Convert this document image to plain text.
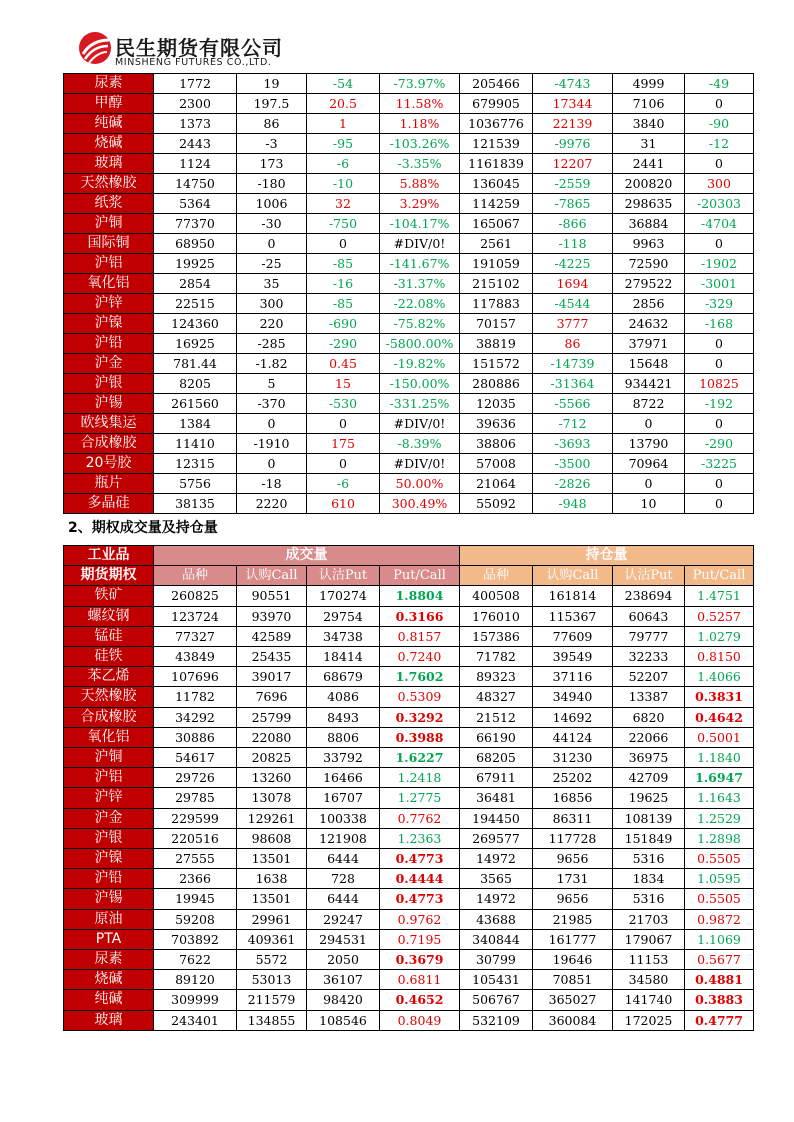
民生期货有限公司
MINSHENG FUTURES CO.,LTD.
尿素	1772	19	-54	-73.97%	205466	-4743	4999	-49
甲醇	2300	197.5	20.5	11.58%	679905	17344	7106	0
纯碱	1373	86	1	1.18%	1036776	22139	3840	-90
烧碱	2443	-3	-95	-103.26%	121539	-9976	31	-12
玻璃	1124	173	-6	-3.35%	1161839	12207	2441	0
天然橡胶	14750	-180	-10	5.88%	136045	-2559	200820	300
纸浆	5364	1006	32	3.29%	114259	-7865	298635	-20303
沪铜	77370	-30	-750	-104.17%	165067	-866	36884	-4704
国际铜	68950	0	0	#DIV/0!	2561	-118	9963	0
沪铝	19925	-25	-85	-141.67%	191059	-4225	72590	-1902
氧化铝	2854	35	-16	-31.37%	215102	1694	279522	-3001
沪锌	22515	300	-85	-22.08%	117883	-4544	2856	-329
沪镍	124360	220	-690	-75.82%	70157	3777	24632	-168
沪铅	16925	-285	-290	-5800.00%	38819	86	37971	0
沪金	781.44	-1.82	0.45	-19.82%	151572	-14739	15648	0
沪银	8205	5	15	-150.00%	280886	-31364	934421	10825
沪锡	261560	-370	-530	-331.25%	12035	-5566	8722	-192
欧线集运	1384	0	0	#DIV/0!	39636	-712	0	0
合成橡胶	11410	-1910	175	-8.39%	38806	-3693	13790	-290
20号胶	12315	0	0	#DIV/0!	57008	-3500	70964	-3225
瓶片	5756	-18	-6	50.00%	21064	-2826	0	0
多晶硅	38135	2220	610	300.49%	55092	-948	10	0
2、期权成交量及持仓量
工业品	成交量				持仓量			
期货期权	品种	认购Call	认沽Put	Put/Call	品种	认购Call	认沽Put	Put/Call
铁矿	260825	90551	170274	1.8804	400508	161814	238694	1.4751
螺纹钢	123724	93970	29754	0.3166	176010	115367	60643	0.5257
锰硅	77327	42589	34738	0.8157	157386	77609	79777	1.0279
硅铁	43849	25435	18414	0.7240	71782	39549	32233	0.8150
苯乙烯	107696	39017	68679	1.7602	89323	37116	52207	1.4066
天然橡胶	11782	7696	4086	0.5309	48327	34940	13387	0.3831
合成橡胶	34292	25799	8493	0.3292	21512	14692	6820	0.4642
氧化铝	30886	22080	8806	0.3988	66190	44124	22066	0.5001
沪铜	54617	20825	33792	1.6227	68205	31230	36975	1.1840
沪铝	29726	13260	16466	1.2418	67911	25202	42709	1.6947
沪锌	29785	13078	16707	1.2775	36481	16856	19625	1.1643
沪金	229599	129261	100338	0.7762	194450	86311	108139	1.2529
沪银	220516	98608	121908	1.2363	269577	117728	151849	1.2898
沪镍	27555	13501	6444	0.4773	14972	9656	5316	0.5505
沪铅	2366	1638	728	0.4444	3565	1731	1834	1.0595
沪锡	19945	13501	6444	0.4773	14972	9656	5316	0.5505
原油	59208	29961	29247	0.9762	43688	21985	21703	0.9872
PTA	703892	409361	294531	0.7195	340844	161777	179067	1.1069
尿素	7622	5572	2050	0.3679	30799	19646	11153	0.5677
烧碱	89120	53013	36107	0.6811	105431	70851	34580	0.4881
纯碱	309999	211579	98420	0.4652	506767	365027	141740	0.3883
玻璃	243401	134855	108546	0.8049	532109	360084	172025	0.4777
